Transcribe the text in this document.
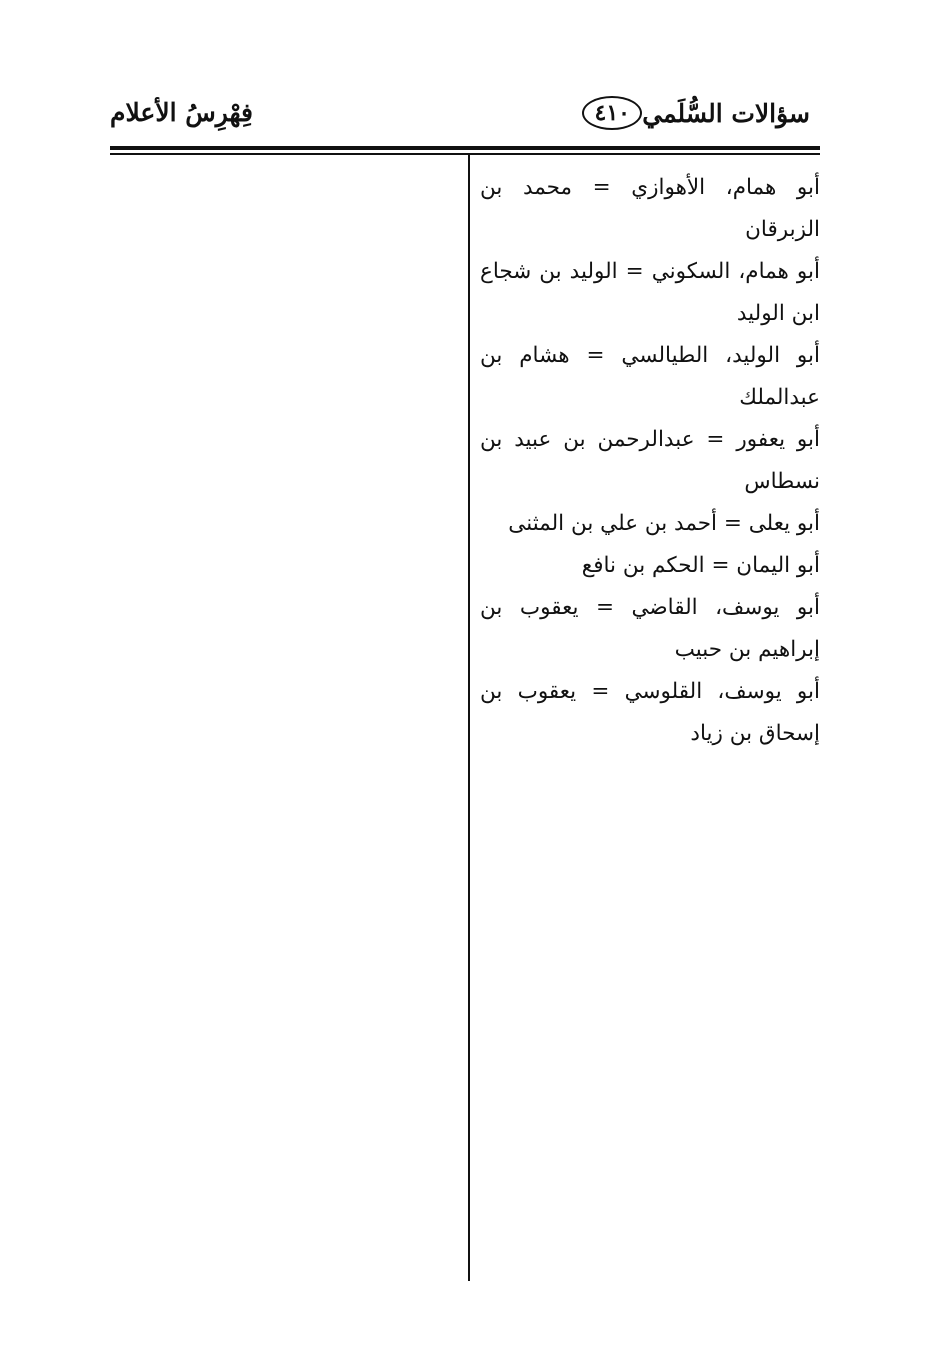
٤١٠ سؤالات السُّلَمي
فِهْرِسُ الأعلام
أبو همام، الأهوازي = محمد بن
الزبرقان
أبو همام، السكوني = الوليد بن شجاع
ابن الوليد
أبو الوليد، الطيالسي = هشام بن
عبدالملك
أبو يعفور = عبدالرحمن بن عبيد بن
نسطاس
أبو يعلى = أحمد بن علي بن المثنى
أبو اليمان = الحكم بن نافع
أبو يوسف، القاضي = يعقوب بن
إبراهيم بن حبيب
أبو يوسف، القلوسي = يعقوب بن
إسحاق بن زياد
